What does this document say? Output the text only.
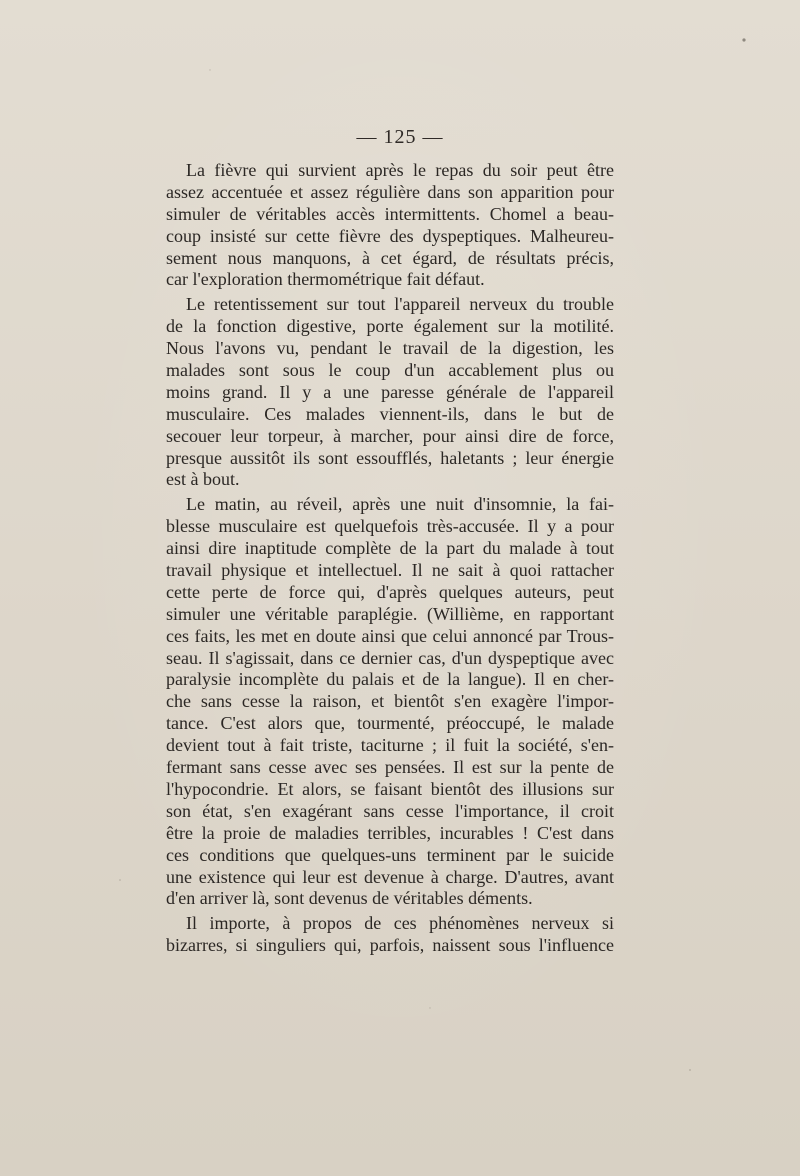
— 125 —

La fièvre qui survient après le repas du soir peut être
assez accentuée et assez régulière dans son apparition pour
simuler de véritables accès intermittents. Chomel a beau-
coup insisté sur cette fièvre des dyspeptiques. Malheureu-
sement nous manquons, à cet égard, de résultats précis,
car l'exploration thermométrique fait défaut.

Le retentissement sur tout l'appareil nerveux du trouble
de la fonction digestive, porte également sur la motilité.
Nous l'avons vu, pendant le travail de la digestion, les
malades sont sous le coup d'un accablement plus ou
moins grand. Il y a une paresse générale de l'appareil
musculaire. Ces malades viennent-ils, dans le but de
secouer leur torpeur, à marcher, pour ainsi dire de force,
presque aussitôt ils sont essoufflés, haletants ; leur énergie
est à bout.

Le matin, au réveil, après une nuit d'insomnie, la fai-
blesse musculaire est quelquefois très-accusée. Il y a pour
ainsi dire inaptitude complète de la part du malade à tout
travail physique et intellectuel. Il ne sait à quoi rattacher
cette perte de force qui, d'après quelques auteurs, peut
simuler une véritable paraplégie. (Willième, en rapportant
ces faits, les met en doute ainsi que celui annoncé par Trous-
seau. Il s'agissait, dans ce dernier cas, d'un dyspeptique avec
paralysie incomplète du palais et de la langue). Il en cher-
che sans cesse la raison, et bientôt s'en exagère l'impor-
tance. C'est alors que, tourmenté, préoccupé, le malade
devient tout à fait triste, taciturne ; il fuit la société, s'en-
fermant sans cesse avec ses pensées. Il est sur la pente de
l'hypocondrie. Et alors, se faisant bientôt des illusions sur
son état, s'en exagérant sans cesse l'importance, il croit
être la proie de maladies terribles, incurables ! C'est dans
ces conditions que quelques-uns terminent par le suicide
une existence qui leur est devenue à charge. D'autres, avant
d'en arriver là, sont devenus de véritables déments.

Il importe, à propos de ces phénomènes nerveux si
bizarres, si singuliers qui, parfois, naissent sous l'influence
